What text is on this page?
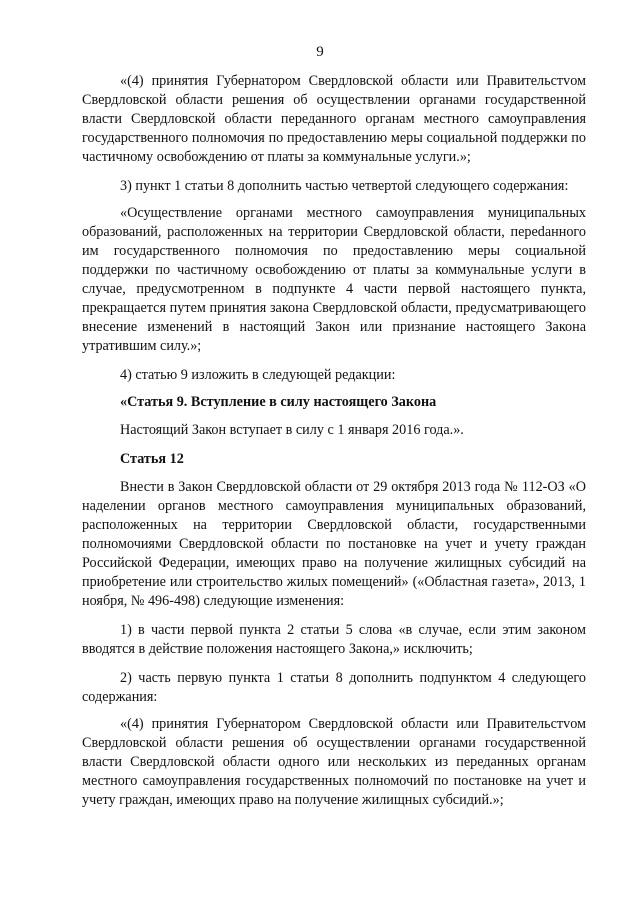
9

«(4) принятия Губернатором Свердловской области или Правительстvом Свердловской области решения об осуществлении органами государственной власти Свердловской области переданного органам местного самоуправления государственного полномочия по предоставлению меры социальной поддержки по частичному освобождению от платы за коммунальные услуги.»;

3) пункт 1 статьи 8 дополнить частью четвертой следующего содержания:

«Осуществление органами местного самоуправления муниципальных образований, расположенных на территории Свердловской области, переdанного им государственного полномочия по предоставлению меры социальной поддержки по частичному освобождению от платы за коммунальные услуги в случае, предусмотренном в подпункте 4 части первой настоящего пункта, прекращается путем принятия закона Свердловской области, предусматривающего внесение изменений в настоящий Закон или признание настоящего Закона утратившим силу.»;

4) статью 9 изложить в следующей редакции:

«Статья 9. Вступление в силу настоящего Закона

Настоящий Закон вступает в силу с 1 января 2016 года.».

Статья 12

Внести в Закон Свердловской области от 29 октября 2013 года № 112-ОЗ «О наделении органов местного самоуправления муниципальных образований, расположенных на территории Свердловской области, государственными полномочиями Свердловской области по постановке на учет и учету граждан Российской Федерации, имеющих право на получение жилищных субсидий на приобретение или строительство жилых помещений» («Областная газета», 2013, 1 ноября, № 496-498) следующие изменения:

1) в части первой пункта 2 статьи 5 слова «в случае, если этим законом вводятся в действие положения настоящего Закона,» исключить;

2) часть первую пункта 1 статьи 8 дополнить подпунктом 4 следующего содержания:

«(4) принятия Губернатором Свердловской области или Правительстvом Свердловской области решения об осуществлении органами государственной власти Свердловской области одного или нескольких из переданных органам местного самоуправления государственных полномочий по постановке на учет и учету граждан, имеющих право на получение жилищных субсидий.»;
